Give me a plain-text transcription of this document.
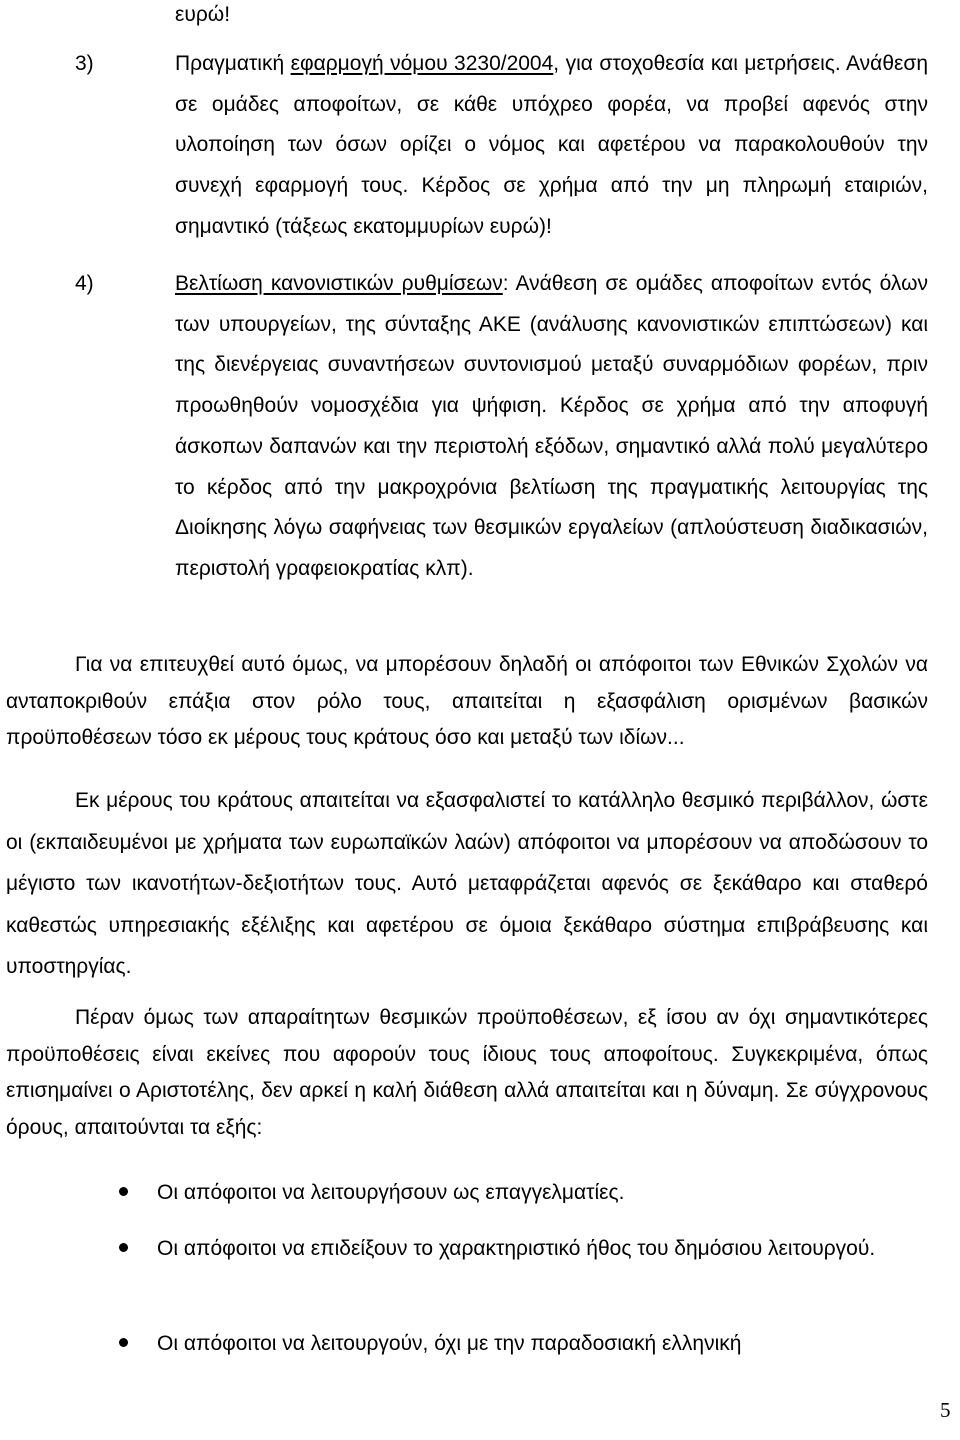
ευρώ!
3)	Πραγματική εφαρμογή νόμου 3230/2004, για στοχοθεσία και μετρήσεις. Ανάθεση σε ομάδες αποφοίτων, σε κάθε υπόχρεο φορέα, να προβεί αφενός στην υλοποίηση των όσων ορίζει ο νόμος και αφετέρου να παρακολουθούν την συνεχή εφαρμογή τους. Κέρδος σε χρήμα από την μη πληρωμή εταιριών, σημαντικό (τάξεως εκατομμυρίων ευρώ)!
4)	Βελτίωση κανονιστικών ρυθμίσεων: Ανάθεση σε ομάδες αποφοίτων εντός όλων των υπουργείων, της σύνταξης ΑΚΕ (ανάλυσης κανονιστικών επιπτώσεων) και της διενέργειας συναντήσεων συντονισμού μεταξύ συναρμόδιων φορέων, πριν προωθηθούν νομοσχέδια για ψήφιση. Κέρδος σε χρήμα από την αποφυγή άσκοπων δαπανών και την περιστολή εξόδων, σημαντικό αλλά πολύ μεγαλύτερο το κέρδος από την μακροχρόνια βελτίωση της πραγματικής λειτουργίας της Διοίκησης λόγω σαφήνειας των θεσμικών εργαλείων (απλούστευση διαδικασιών, περιστολή γραφειοκρατίας κλπ).

Για να επιτευχθεί αυτό όμως, να μπορέσουν δηλαδή οι απόφοιτοι των Εθνικών Σχολών να ανταποκριθούν επάξια στον ρόλο τους, απαιτείται η εξασφάλιση ορισμένων βασικών προϋποθέσεων τόσο εκ μέρους τους κράτους όσο και μεταξύ των ιδίων...

Εκ μέρους του κράτους απαιτείται να εξασφαλιστεί το κατάλληλο θεσμικό περιβάλλον, ώστε οι (εκπαιδευμένοι με χρήματα των ευρωπαϊκών λαών) απόφοιτοι να μπορέσουν να αποδώσουν το μέγιστο των ικανοτήτων-δεξιοτήτων τους. Αυτό μεταφράζεται αφενός σε ξεκάθαρο και σταθερό καθεστώς υπηρεσιακής εξέλιξης και αφετέρου σε όμοια ξεκάθαρο σύστημα επιβράβευσης και υποστηργίας.

Πέραν όμως των απαραίτητων θεσμικών προϋποθέσεων, εξ ίσου αν όχι σημαντικότερες προϋποθέσεις είναι εκείνες που αφορούν τους ίδιους τους αποφοίτους. Συγκεκριμένα, όπως επισημαίνει ο Αριστοτέλης, δεν αρκεί η καλή διάθεση αλλά απαιτείται και η δύναμη. Σε σύγχρονους όρους, απαιτούνται τα εξής:

Οι απόφοιτοι να λειτουργήσουν ως επαγγελματίες.
Οι απόφοιτοι να επιδείξουν το χαρακτηριστικό ήθος του δημόσιου λειτουργού.
Οι απόφοιτοι να λειτουργούν, όχι με την παραδοσιακή ελληνική
5
